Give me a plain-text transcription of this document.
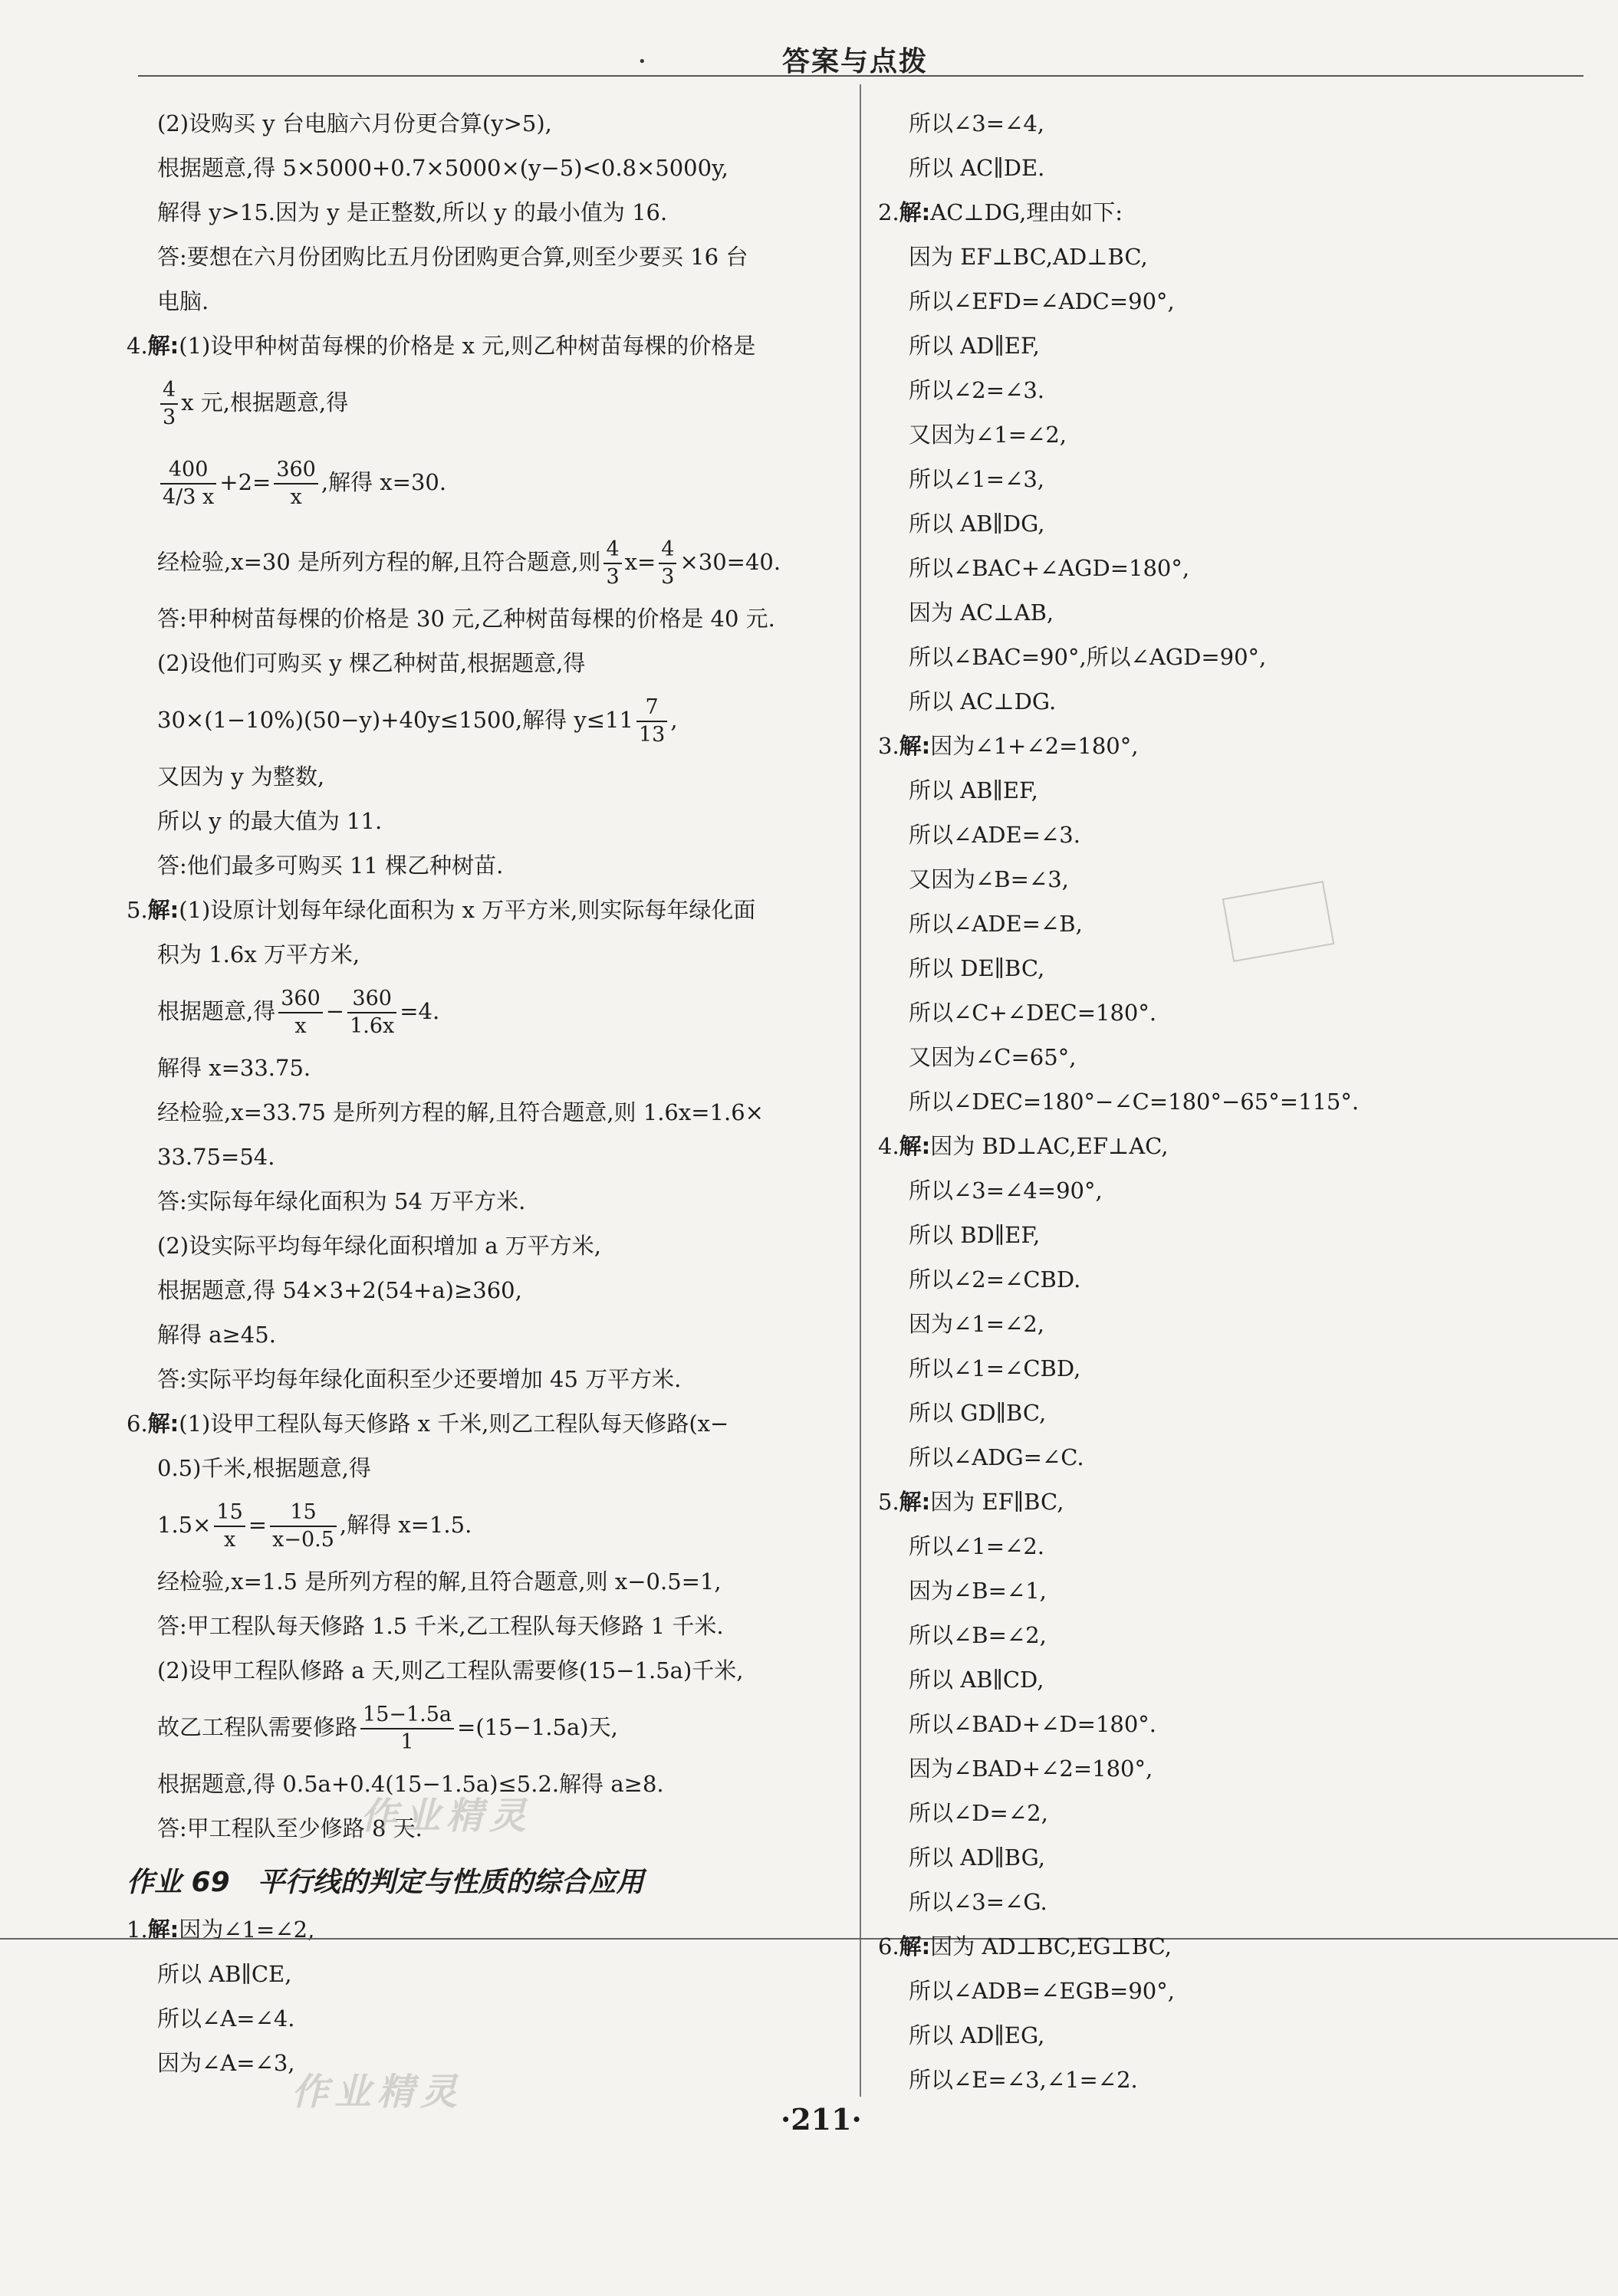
•	答案与点拨
(2)设购买 y 台电脑六月份更合算(y>5),
根据题意,得 5×5000+0.7×5000×(y−5)<0.8×5000y,
解得 y>15.因为 y 是正整数,所以 y 的最小值为 16.
答:要想在六月份团购比五月份团购更合算,则至少要买 16 台
电脑.
4.解:(1)设甲种树苗每棵的价格是 x 元,则乙种树苗每棵的价格是
$\frac{4}{3}$ x 元,根据题意,得
$\frac{400}{4/3 x} +2= \frac{360}{x}$ ,解得 x=30.
经检验,x=30 是所列方程的解,且符合题意,则 $\frac{4}{3} x= \frac{4}{3} \times 30=40$.
答:甲种树苗每棵的价格是 30 元,乙种树苗每棵的价格是 40 元.
(2)设他们可购买 y 棵乙种树苗,根据题意,得
30×(1−10%)(50−y)+40y≤1500,解得 $y\le 11 \frac{7}{13}$ ,
又因为 y 为整数,
所以 y 的最大值为 11.
答:他们最多可购买 11 棵乙种树苗.
5.解:(1)设原计划每年绿化面积为 x 万平方米,则实际每年绿化面
积为 1.6x 万平方米,
根据题意,得 $\frac{360}{x} - \frac{360}{1.6x} =4$.
解得 x=33.75.
经检验,x=33.75 是所列方程的解,且符合题意,则 1.6x=1.6×
33.75=54.
答:实际每年绿化面积为 54 万平方米.
(2)设实际平均每年绿化面积增加 a 万平方米,
根据题意,得 54×3+2(54+a)≥360,
解得 a≥45.
答:实际平均每年绿化面积至少还要增加 45 万平方米.
6.解:(1)设甲工程队每天修路 x 千米,则乙工程队每天修路(x−
0.5)千米,根据题意,得
$1.5\times \frac{15}{x} = \frac{15}{x-0.5}$ ,解得 x=1.5.
经检验,x=1.5 是所列方程的解,且符合题意,则 x−0.5=1,
答:甲工程队每天修路 1.5 千米,乙工程队每天修路 1 千米.
(2)设甲工程队修路 a 天,则乙工程队需要修(15−1.5a)千米,
故乙工程队需要修路 $\frac{15-1.5a}{1} =(15-1.5a)$天,
根据题意,得 0.5a+0.4(15−1.5a)≤5.2.解得 a≥8.
答:甲工程队至少修路 8 天.
作业 69　平行线的判定与性质的综合应用
1.解:因为∠1=∠2,
所以 AB∥CE,
所以∠A=∠4.
因为∠A=∠3,
所以∠3=∠4,
所以 AC∥DE.
2.解:AC⊥DG,理由如下:
因为 EF⊥BC,AD⊥BC,
所以∠EFD=∠ADC=90°,
所以 AD∥EF,
所以∠2=∠3.
又因为∠1=∠2,
所以∠1=∠3,
所以 AB∥DG,
所以∠BAC+∠AGD=180°,
因为 AC⊥AB,
所以∠BAC=90°,所以∠AGD=90°,
所以 AC⊥DG.
3.解:因为∠1+∠2=180°,
所以 AB∥EF,
所以∠ADE=∠3.
又因为∠B=∠3,
所以∠ADE=∠B,
所以 DE∥BC,
所以∠C+∠DEC=180°.
又因为∠C=65°,
所以∠DEC=180°−∠C=180°−65°=115°.
4.解:因为 BD⊥AC,EF⊥AC,
所以∠3=∠4=90°,
所以 BD∥EF,
所以∠2=∠CBD.
因为∠1=∠2,
所以∠1=∠CBD,
所以 GD∥BC,
所以∠ADG=∠C.
5.解:因为 EF∥BC,
所以∠1=∠2.
因为∠B=∠1,
所以∠B=∠2,
所以 AB∥CD,
所以∠BAD+∠D=180°.
因为∠BAD+∠2=180°,
所以∠D=∠2,
所以 AD∥BG,
所以∠3=∠G.
6.解:因为 AD⊥BC,EG⊥BC,
所以∠ADB=∠EGB=90°,
所以 AD∥EG,
所以∠E=∠3,∠1=∠2.
作业精灵
作业精灵
·211·
